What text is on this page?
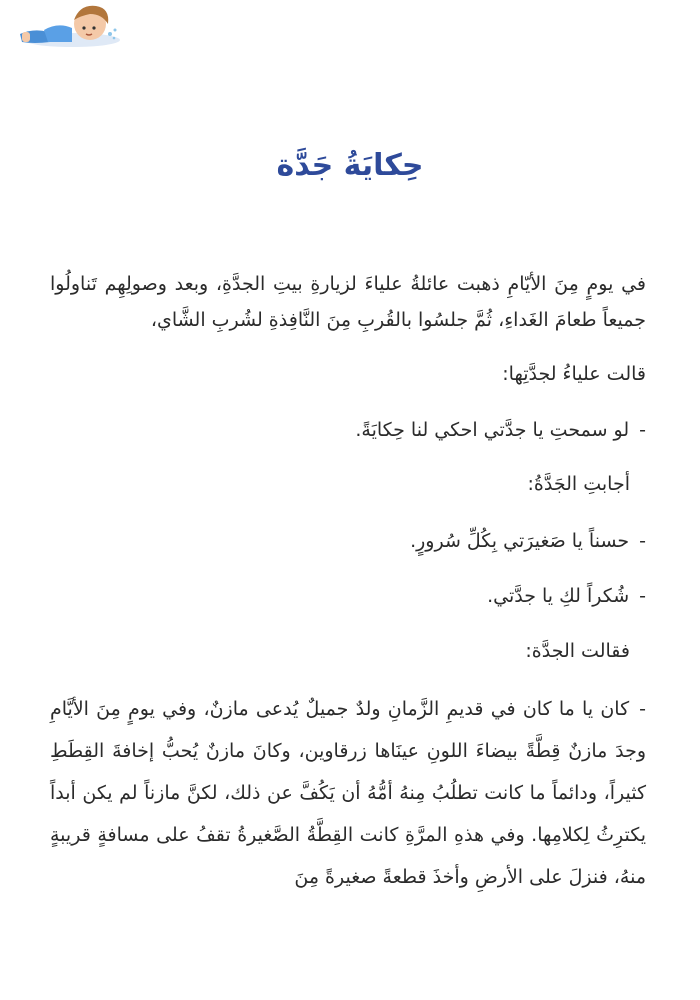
حِكايَةُ جَدَّة

في يومٍ مِنَ الأيّامِ ذهبت عائلةُ علياءَ لزيارةِ بيتِ الجدَّةِ، وبعد وصولِهِم تَناولُوا جميعاً طعامَ الغَداءِ، ثُمَّ جلسُوا بالقُربِ مِنَ النَّافِذةِ لشُربِ الشَّاي،

قالت علياءُ لجدَّتِها:

-لو سمحتِ يا جدَّتي احكي لنا حِكايَةً.

أجابتِ الجَدَّةُ:

-حسناً يا صَغيرَتي بِكُلِّ سُرورٍ.

-شُكراً لكِ يا جدَّتي.

فقالت الجدَّة:

-كان يا ما كان في قديمِ الزَّمانِ ولدٌ جميلٌ يُدعى مازنٌ، وفي يومٍ مِنَ الأيَّامِ وجدَ مازنٌ قِطَّةً بيضاءَ اللونِ عينَاها زرقاوين، وكانَ مازنٌ يُحبُّ إخافةَ القِطَطِ كثيراً، ودائماً ما كانت تطلُبُ مِنهُ أمُّهُ أن يَكُفَّ عن ذلك، لكنَّ مازناً لم يكن أبداً يكترِثُ لِكلامِها. وفي هذهِ المرَّةِ كانت القِطَّةُ الصَّغيرةُ تقفُ على مسافةٍ قريبةٍ منهُ، فنزلَ على الأرضِ وأخذَ قطعةً صغيرةً مِنَ
